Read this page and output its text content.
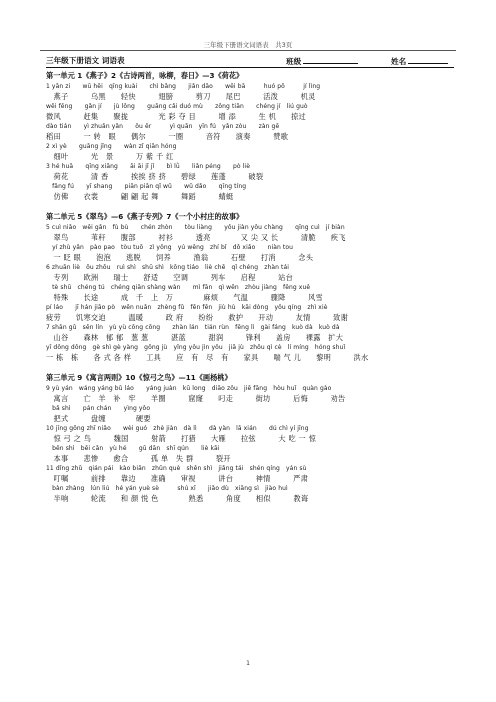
三年级下册语文词语表　共3页
三年级下册语文 词语表	班级	姓名
第一单元 1《燕子》2《古诗两首，咏柳，春日》—3《荷花》
1 yān zi　　wū hēi　qīng kuài　　chì bǎng　　jiǎn dāo　　wěi bā　　　huó pō　　　jí lìng
　燕子　　　乌黑　　轻快　　　翅膀　　　剪刀　　尾巴　　　活泼　　　机灵
wēi fēng　　gǎn jí　　jù lǒng　　guāng cǎi duó mù　　zǒng tiān　　chéng jí　liú guò
微风　　　赶集　　聚拢　　　　光 彩 夺 目　　　增 添　　　生 机　　掠过
dào tián　　yì zhuǎn yǎn　　ǒu ěr　　　yì quān　yīn fú　yǎn zòu　　zàn gē
稻田　　　一 转　眼　　偶尔　　　一圈　　　音符　　演奏　　　赞歌
2 xì yè　　guāng jǐng　　wàn zǐ qiān hóng
　细叶　　　光　景　　　万 紫 千 红
3 hé huā　　qīng xiāng　　āi āi jǐ jǐ　　bì lǜ　　liǎn péng　　pò liè
　荷花　　　清 香　　　挨挨 挤 挤　　碧绿　　莲蓬　　　破裂
　fǎng fú　　yī shang　　piān piān qǐ wǔ　　wǔ dǎo　　qīng tíng
　仿佛　　衣裳　　　翩 翩 起 舞　　　舞蹈　　　蜻蜓
第二单元 5《翠鸟》—6《燕子专列》7《一个小村庄的故事》
5 cuì niǎo　wěi gǎn　fù bù　　chén zhòn　　tòu liàng　　yǒu jiàn yǒu chàng　　qīng cuì　jí biàn
　翠鸟　　　苇秆　　腹部　　　衬衫　　　透亮　　　　又 尖 又 长　　　清脆　　疾飞
　yí zhù yǎn　pào pao　tòu tuō　zì yǒng　yú wēng　zhí bǐ　dǒ xiǎo　　niàn tou
　一 眨 眼　　泡泡　　逃脱　　饲养　　　渔翁　　　石壁　　打消　　　念头
6 zhuān liè　ōu zhōu　ruì shì　shū shì　kōng tiáo　liè chē　qǐ chéng　zhàn tái
　专列　　欧洲　　瑞士　　舒适　　空调　　　列车　　启程　　　站台
　tè shū　chéng tú　chéng qiān shàng wàn　　mì fān　qì wēn　zhòu jiàng　fēng xuě
　特殊　　长途　　　成　千　上　万　　　　麻烦　　气温　　　骤降　　　风雪
pí láo　　jī hán jiāo pò　wēn nuǎn　zhèng fǔ　fēn fēn　jiù hù　kāi dòng　yǒu qíng　zhì xiè
疲劳　　饥寒交迫　　　温暖　　　政 府　　纷纷　　救护　　开动　　　友情　　　致谢
7 shān gǔ　sēn lín　yù yù cōng cōng　　zhàn lán　tián rùn　fēng lì　gài fáng　kuò dà　kuò dà
　山谷　　森林　郁 郁　葱 葱　　　湛蓝　　　甜润　　　锋利　　盖房　　裸露　扩大
yī dǒng dǒng　gè shì gè yàng　gōng jù　yǐng yǒu jìn yǒu　jiā jù　zhōu qì cè　lí míng　hóng shuǐ
一 栋　栋　　各 式 各 样　　工具　　应　有　尽　有　　家具　　喘 气 儿　　黎明　　　洪水
第三单元 9《寓言两则》10《惊弓之鸟》—11《画杨桃》
9 yù yán　wáng yáng bǔ láo　　yáng juàn　kū long　diāo zǒu　jiē fāng　hòu huǐ　quàn gào
　寓言　　亡　羊　补　牢　　羊圈　　　窟窿　　叼走　　　街坊　　　后悔　　　劝告
　bǎ shì　　pán chán　　yìng yǒo
　把式　　　盘缠　　　　硬要
10 jīng gōng zhī niǎo　　wèi guó　zhè jiàn　dà lì　　dà yàn　lā xián　　dú chì yí jīng
　惊 弓 之 鸟　　　魏国　　　射箭　　打猎　　大雁　　拉弦　　　大 吃 一 惊
　běn shì　bēi cǎn　yù hé　　gū dān　shī qún　　liè kāi
　本事　　悲惨　　愈合　　　孤 单　失 群　　　裂开
11 dǐng zhǔ　qián pái　kào biān　zhǔn què　shěn shì　jiǎng tái　shén qíng　yán sù
　叮嘱　　　前排　　靠边　　准确　　审视　　　讲台　　　神情　　　严肃
　bàn zhàng　lún liú　hé yán yuè sè　　　shú xī　　jiǎo dù　xiāng sì　jiào huì
　半响　　　轮流　　和 颜 悦 色　　　　熟悉　　　角度　　相似　　　教诲
1
